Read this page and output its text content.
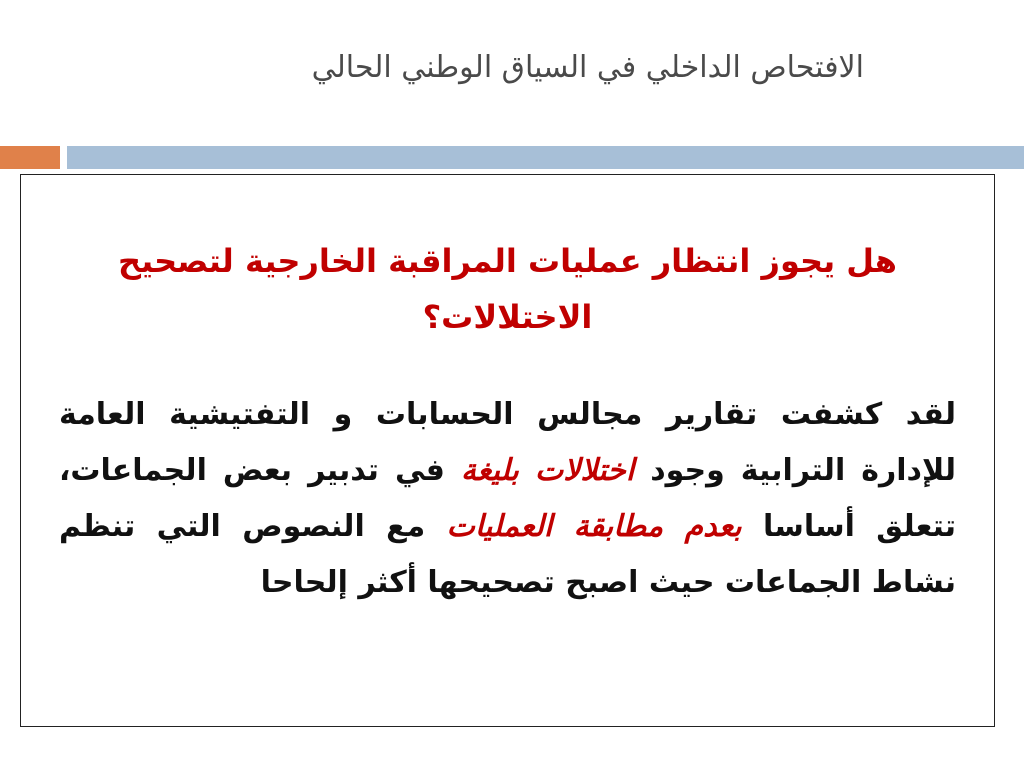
الافتحاص الداخلي في السياق الوطني الحالي
هل يجوز انتظار عمليات المراقبة الخارجية لتصحيح الاختلالات؟
لقد كشفت تقارير مجالس الحسابات و التفتيشية العامة للإدارة الترابية وجود اختلالات بليغة في تدبير بعض الجماعات، تتعلق أساسا بعدم مطابقة العمليات مع النصوص التي تنظم نشاط الجماعات حيث اصبح تصحيحها أكثر إلحاحا
